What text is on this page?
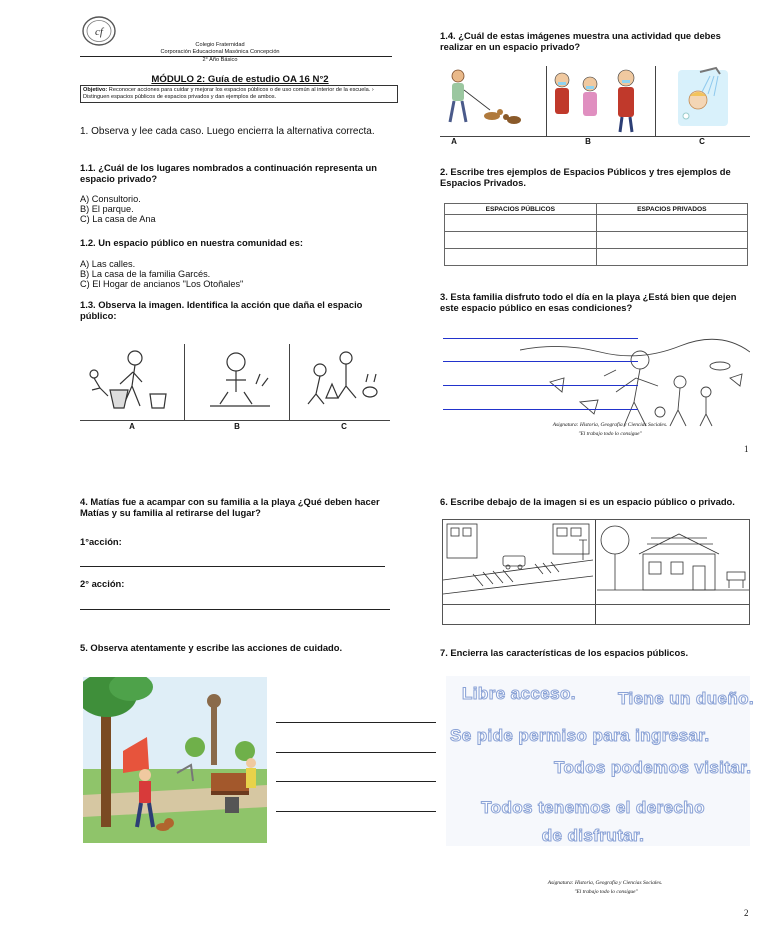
cf
Colegio Fraternidad
Corporación Educacional Masónica Concepción
2° Año Básico
MÓDULO 2: Guía de estudio OA 16 N°2
Objetivo: Reconocer acciones para cuidar y mejorar los espacios públicos o de uso común al interior de la escuela. › Distinguen espacios públicos de espacios privados y dan ejemplos de ambos.
1. Observa y lee cada caso. Luego encierra la alternativa correcta.
1.1. ¿Cuál de los lugares nombrados a continuación representa un espacio privado?
A) Consultorio.
B) El parque.
C) La casa de Ana
1.2. Un espacio público en nuestra comunidad es:
A) Las calles.
B) La casa de la familia Garcés.
C) El Hogar de ancianos "Los Otoñales"
1.3. Observa la imagen. Identifica la acción que daña el espacio público:
A	B	C
1.4. ¿Cuál de estas imágenes muestra una actividad que debes realizar en un espacio privado?
A	B	C
2. Escribe tres ejemplos de Espacios Públicos y tres ejemplos de Espacios Privados.
ESPACIOS PÚBLICOS	ESPACIOS PRIVADOS

3. Esta familia disfruto todo el día en la playa ¿Está bien que dejen este espacio público en esas condiciones?
Asignatura: Historia, Geografía y Ciencias Sociales.
"El trabajo todo lo consigue"
1
4. Matías fue a acampar con su familia a la playa ¿Qué deben hacer Matías y su familia al retirarse del lugar?
1°acción:
2° acción:
5. Observa atentamente y escribe las acciones de cuidado.
6. Escribe debajo de la imagen si es un espacio público o privado.
7. Encierra las características de los espacios públicos.
Libre acceso. Tiene un dueño.
Se pide permiso para ingresar.
Todos podemos visitar.
Todos tenemos el derecho de disfrutar.
Asignatura: Historia, Geografía y Ciencias Sociales.
"El trabajo todo lo consigue"
2
